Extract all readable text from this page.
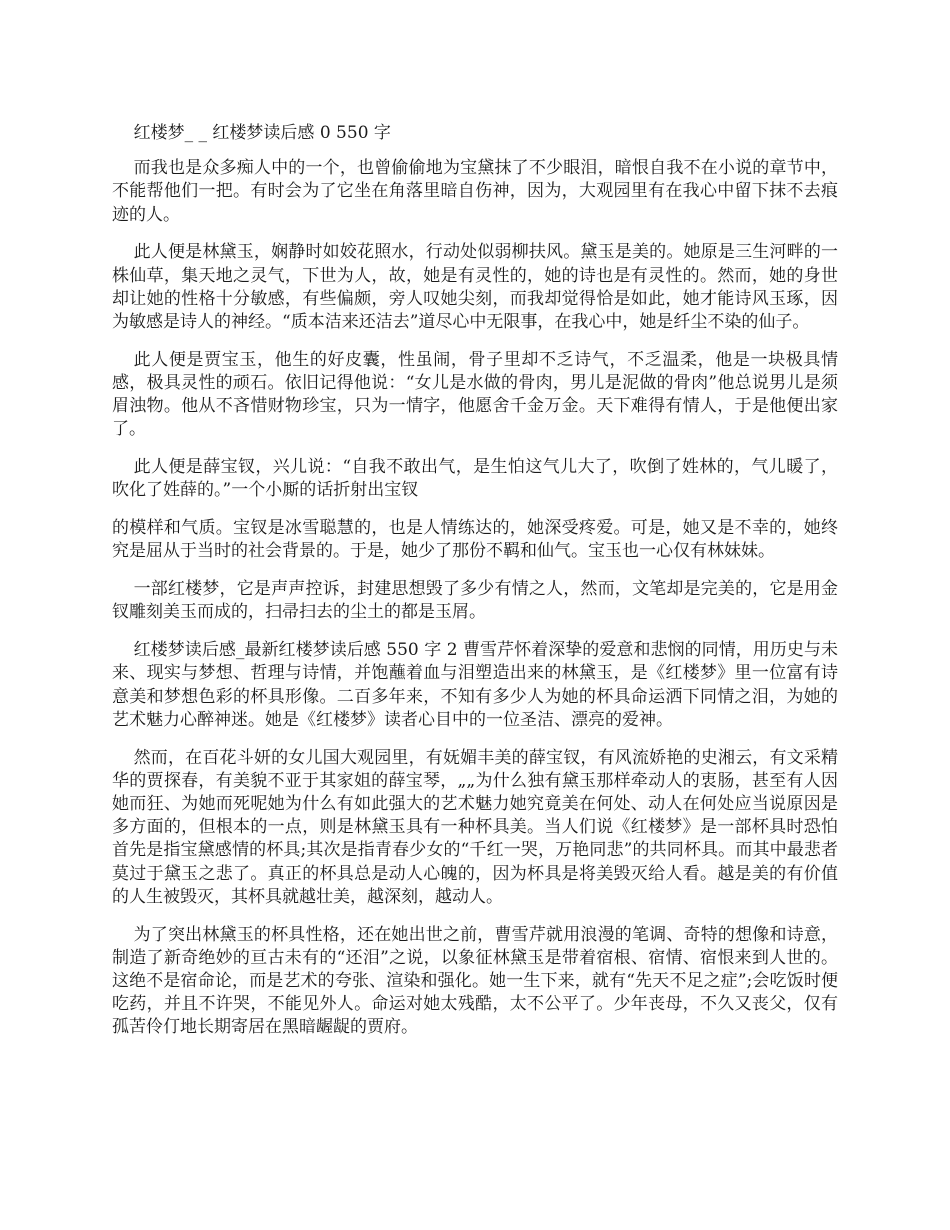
红楼梦_ _ 红楼梦读后感 0 550 字

而我也是众多痴人中的一个，也曾偷偷地为宝黛抹了不少眼泪，暗恨自我不在小说的章节中，不能帮他们一把。有时会为了它坐在角落里暗自伤神，因为，大观园里有在我心中留下抹不去痕迹的人。

此人便是林黛玉，娴静时如姣花照水，行动处似弱柳扶风。黛玉是美的。她原是三生河畔的一株仙草，集天地之灵气，下世为人，故，她是有灵性的，她的诗也是有灵性的。然而，她的身世却让她的性格十分敏感，有些偏颇，旁人叹她尖刻，而我却觉得恰是如此，她才能诗风玉琢，因为敏感是诗人的神经。“质本洁来还洁去”道尽心中无限事，在我心中，她是纤尘不染的仙子。

此人便是贾宝玉，他生的好皮囊，性虽闹，骨子里却不乏诗气，不乏温柔，他是一块极具情感，极具灵性的顽石。依旧记得他说：“女儿是水做的骨肉，男儿是泥做的骨肉”他总说男儿是须眉浊物。他从不吝惜财物珍宝，只为一情字，他愿舍千金万金。天下难得有情人，于是他便出家了。

此人便是薛宝钗，兴儿说：“自我不敢出气，是生怕这气儿大了，吹倒了姓林的，气儿暖了，吹化了姓薛的。”一个小厮的话折射出宝钗

的模样和气质。宝钗是冰雪聪慧的，也是人情练达的，她深受疼爱。可是，她又是不幸的，她终究是屈从于当时的社会背景的。于是，她少了那份不羁和仙气。宝玉也一心仅有林妹妹。

一部红楼梦，它是声声控诉，封建思想毁了多少有情之人，然而，文笔却是完美的，它是用金钗雕刻美玉而成的，扫帚扫去的尘土的都是玉屑。

红楼梦读后感_最新红楼梦读后感 550 字 2 曹雪芹怀着深挚的爱意和悲悯的同情，用历史与未来、现实与梦想、哲理与诗情，并饱蘸着血与泪塑造出来的林黛玉，是《红楼梦》里一位富有诗意美和梦想色彩的杯具形像。二百多年来，不知有多少人为她的杯具命运洒下同情之泪，为她的艺术魅力心醉神迷。她是《红楼梦》读者心目中的一位圣洁、漂亮的爱神。

然而，在百花斗妍的女儿国大观园里，有妩媚丰美的薛宝钗，有风流娇艳的史湘云，有文采精华的贾探春，有美貌不亚于其家姐的薛宝琴，„„为什么独有黛玉那样牵动人的衷肠，甚至有人因她而狂、为她而死呢她为什么有如此强大的艺术魅力她究竟美在何处、动人在何处应当说原因是多方面的，但根本的一点，则是林黛玉具有一种杯具美。当人们说《红楼梦》是一部杯具时恐怕首先是指宝黛感情的杯具;其次是指青春少女的“千红一哭，万艳同悲”的共同杯具。而其中最悲者莫过于黛玉之悲了。真正的杯具总是动人心魄的，因为杯具是将美毁灭给人看。越是美的有价值的人生被毁灭，其杯具就越壮美，越深刻，越动人。

为了突出林黛玉的杯具性格，还在她出世之前，曹雪芹就用浪漫的笔调、奇特的想像和诗意，制造了新奇绝妙的亘古未有的“还泪”之说，以象征林黛玉是带着宿根、宿情、宿恨来到人世的。这绝不是宿命论，而是艺术的夸张、渲染和强化。她一生下来，就有“先天不足之症”;会吃饭时便吃药，并且不许哭，不能见外人。命运对她太残酷，太不公平了。少年丧母，不久又丧父，仅有孤苦伶仃地长期寄居在黑暗龌龊的贾府。
